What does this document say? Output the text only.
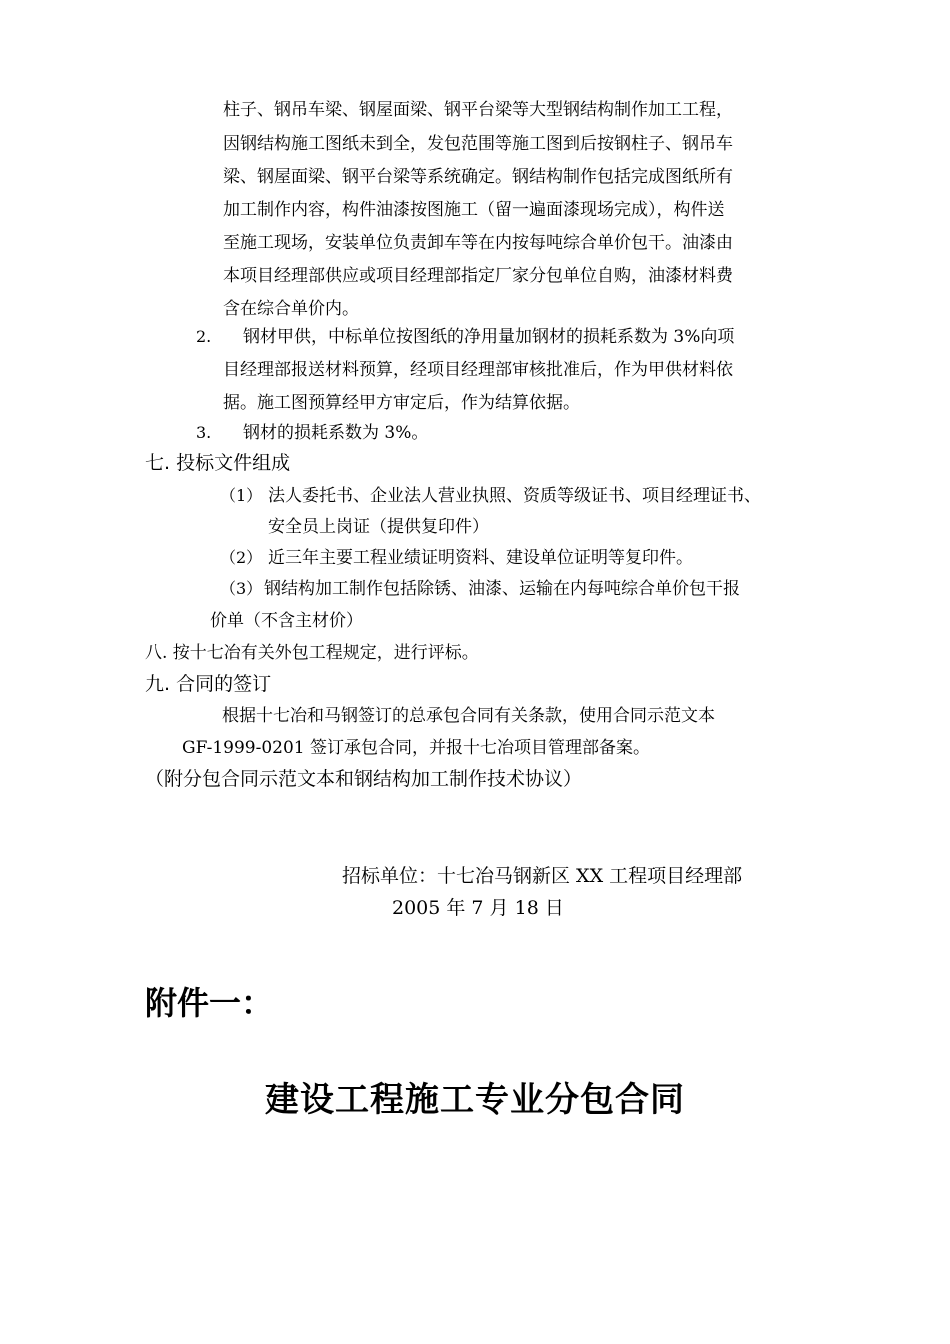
柱子、钢吊车梁、钢屋面梁、钢平台梁等大型钢结构制作加工工程，
因钢结构施工图纸未到全，发包范围等施工图到后按钢柱子、钢吊车
梁、钢屋面梁、钢平台梁等系统确定。钢结构制作包括完成图纸所有
加工制作内容，构件油漆按图施工（留一遍面漆现场完成），构件送
至施工现场，安装单位负责卸车等在内按每吨综合单价包干。油漆由
本项目经理部供应或项目经理部指定厂家分包单位自购，油漆材料费
含在综合单价内。
2. 钢材甲供，中标单位按图纸的净用量加钢材的损耗系数为 3%向项
目经理部报送材料预算，经项目经理部审核批准后，作为甲供材料依
据。施工图预算经甲方审定后，作为结算依据。
3. 钢材的损耗系数为 3%。
七. 投标文件组成
（1） 法人委托书、企业法人营业执照、资质等级证书、项目经理证书、
安全员上岗证（提供复印件）
（2） 近三年主要工程业绩证明资料、建设单位证明等复印件。
（3） 钢结构加工制作包括除锈、油漆、运输在内每吨综合单价包干报
价单（不含主材价）
八. 按十七冶有关外包工程规定，进行评标。
九. 合同的签订
根据十七冶和马钢签订的总承包合同有关条款，使用合同示范文本
GF-1999-0201 签订承包合同，并报十七冶项目管理部备案。
（附分包合同示范文本和钢结构加工制作技术协议）
招标单位：十七冶马钢新区 XX 工程项目经理部
2005 年 7 月 18 日
附件一：
建设工程施工专业分包合同
